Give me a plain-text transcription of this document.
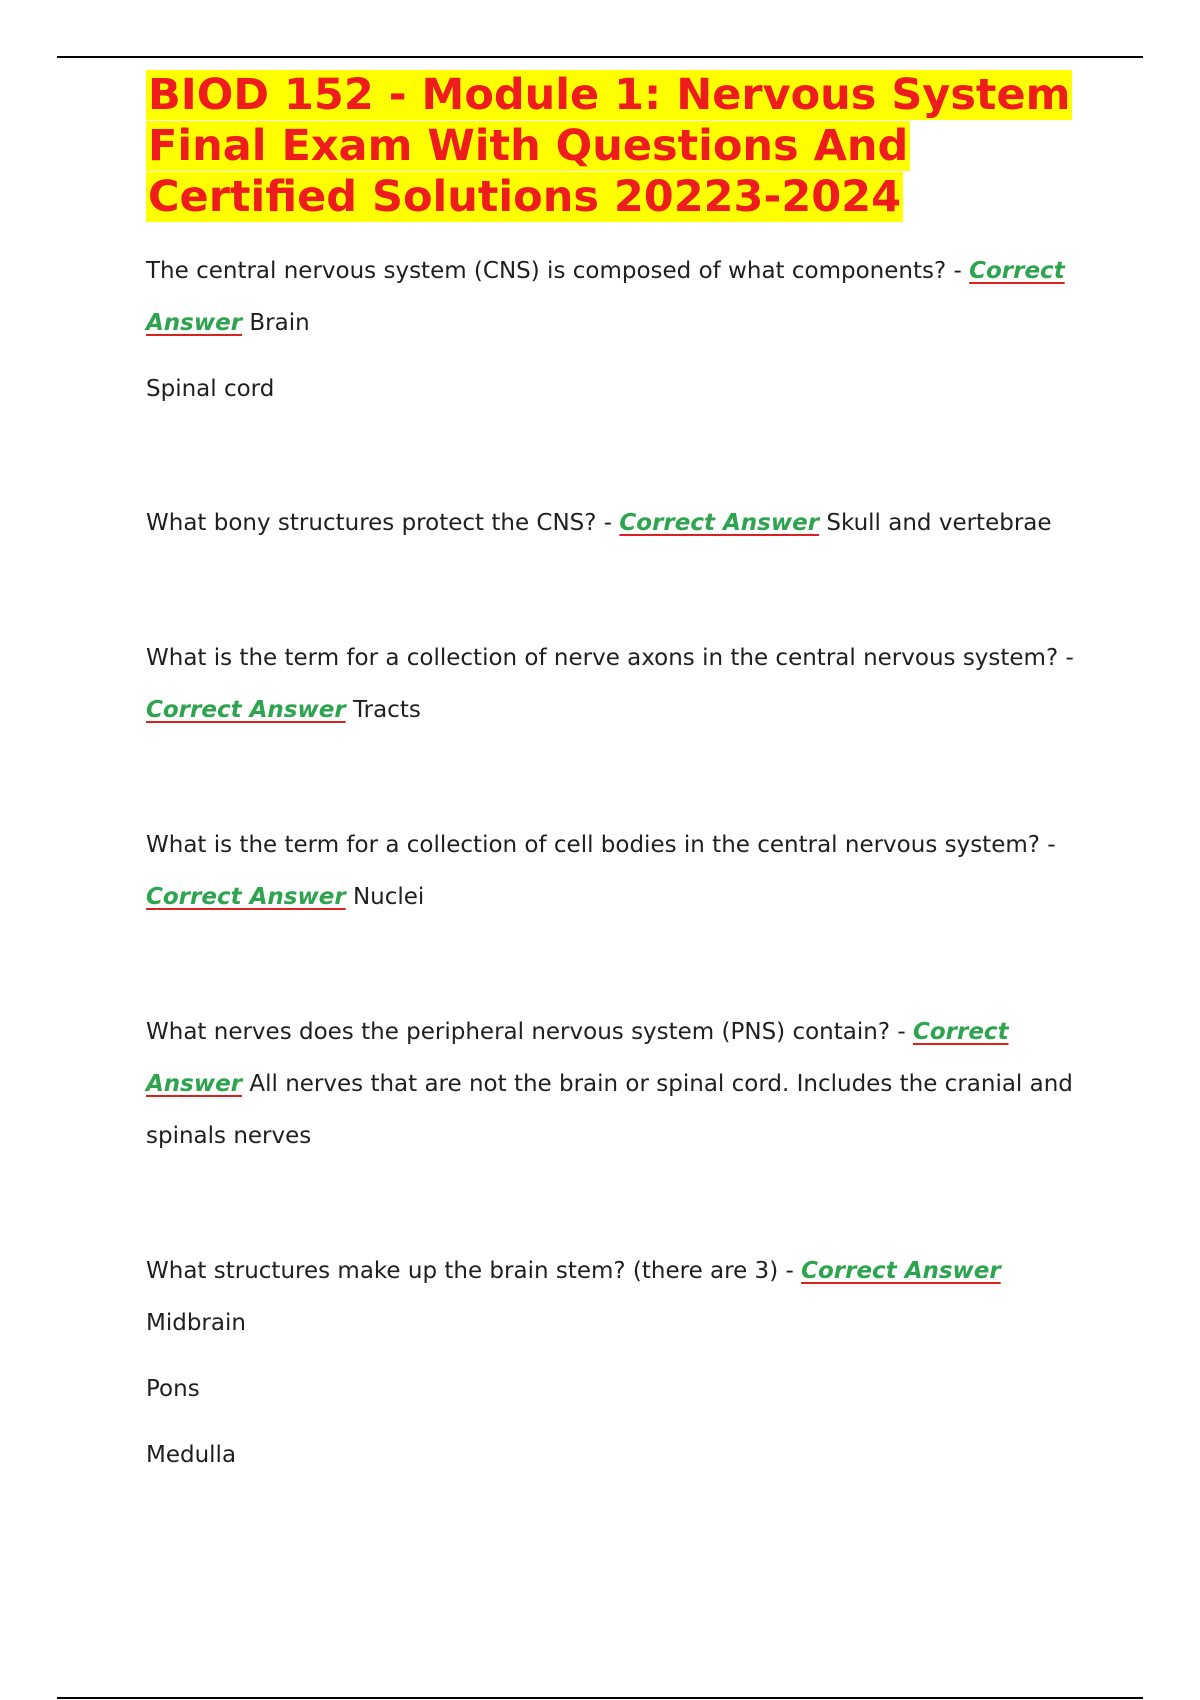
BIOD 152 - Module 1: Nervous System Final Exam With Questions And Certified Solutions 20223-2024

The central nervous system (CNS) is composed of what components? - Correct Answer Brain

Spinal cord

What bony structures protect the CNS? - Correct Answer Skull and vertebrae

What is the term for a collection of nerve axons in the central nervous system? - Correct Answer Tracts

What is the term for a collection of cell bodies in the central nervous system? - Correct Answer Nuclei

What nerves does the peripheral nervous system (PNS) contain? - Correct Answer All nerves that are not the brain or spinal cord. Includes the cranial and spinals nerves

What structures make up the brain stem? (there are 3) - Correct Answer Midbrain

Pons

Medulla
